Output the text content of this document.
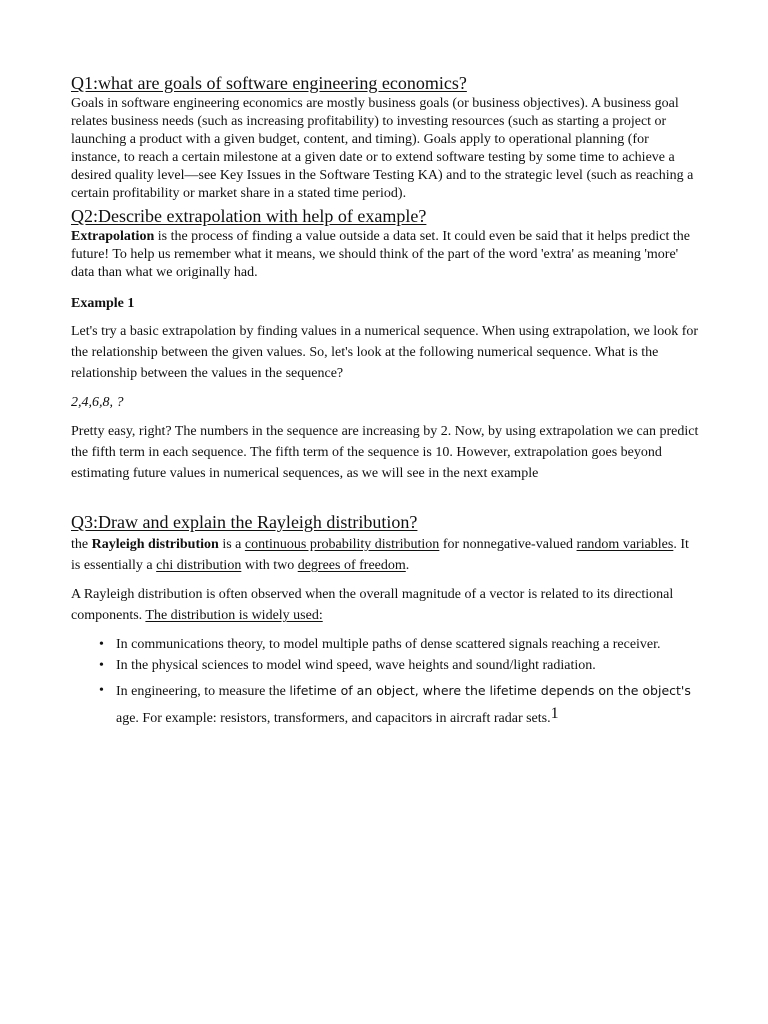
Q1:what are goals of software engineering economics?

Goals in software engineering economics are mostly business goals (or business objectives). A business goal relates business needs (such as increasing profitability) to investing resources (such as starting a project or launching a product with a given budget, content, and timing). Goals apply to operational planning (for instance, to reach a certain milestone at a given date or to extend software testing by some time to achieve a desired quality level—see Key Issues in the Software Testing KA) and to the strategic level (such as reaching a certain profitability or market share in a stated time period).

Q2:Describe extrapolation with help of example?

Extrapolation is the process of finding a value outside a data set. It could even be said that it helps predict the future! To help us remember what it means, we should think of the part of the word 'extra' as meaning 'more' data than what we originally had.

Example 1

Let's try a basic extrapolation by finding values in a numerical sequence. When using extrapolation, we look for the relationship between the given values. So, let's look at the following numerical sequence. What is the relationship between the values in the sequence?

2,4,6,8, ?

Pretty easy, right? The numbers in the sequence are increasing by 2. Now, by using extrapolation we can predict the fifth term in each sequence. The fifth term of the sequence is 10. However, extrapolation goes beyond estimating future values in numerical sequences, as we will see in the next example

Q3:Draw and explain the Rayleigh distribution?

the Rayleigh distribution is a continuous probability distribution for nonnegative-valued random variables. It is essentially a chi distribution with two degrees of freedom.

A Rayleigh distribution is often observed when the overall magnitude of a vector is related to its directional components. The distribution is widely used:

• In communications theory, to model multiple paths of dense scattered signals reaching a receiver.
• In the physical sciences to model wind speed, wave heights and sound/light radiation.
• In engineering, to measure the lifetime of an object, where the lifetime depends on the object's age. For example: resistors, transformers, and capacitors in aircraft radar sets.1
